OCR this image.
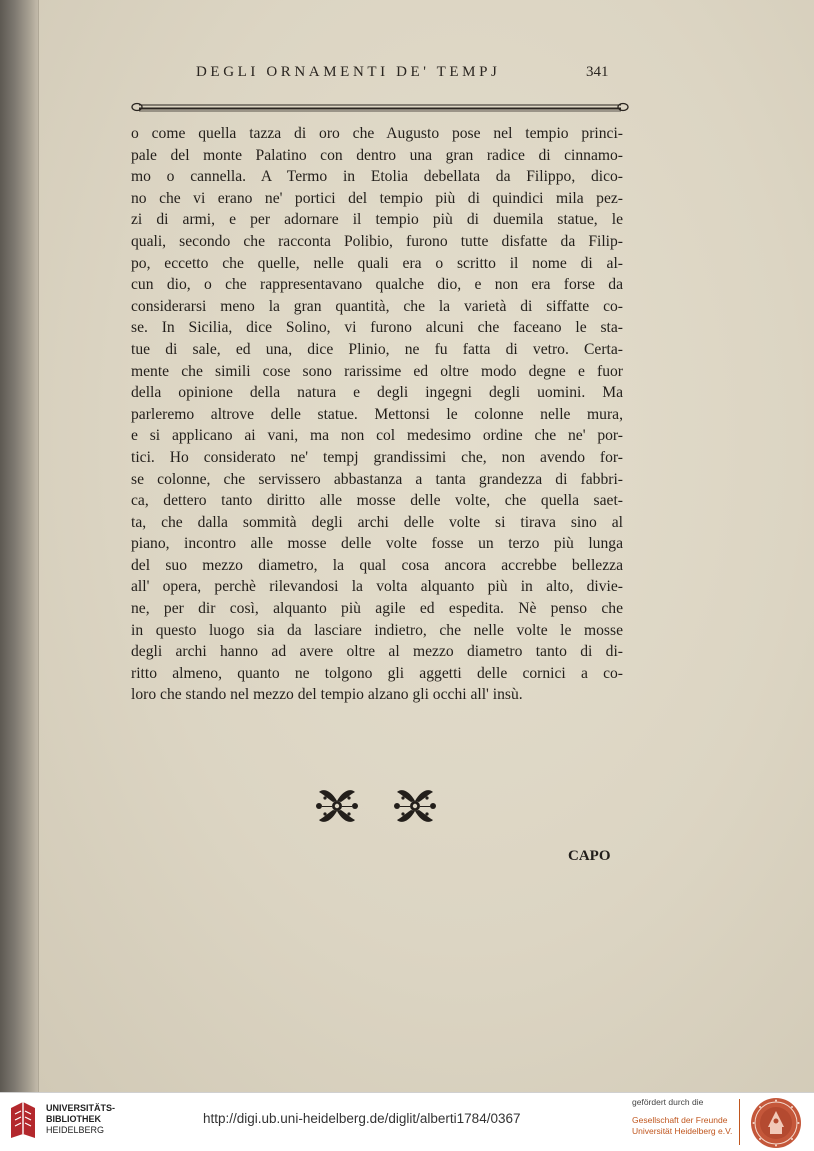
DEGLI ORNAMENTI DE' TEMPJ	341
o come quella tazza di oro che Augusto pose nel tempio princi-
pale del monte Palatino con dentro una gran radice di cinnamo-
mo o cannella. A Termo in Etolia debellata da Filippo, dico-
no che vi erano ne' portici del tempio più di quindici mila pez-
zi di armi, e per adornare il tempio più di duemila statue, le
quali, secondo che racconta Polibio, furono tutte disfatte da Filip-
po, eccetto che quelle, nelle quali era o scritto il nome di al-
cun dio, o che rappresentavano qualche dio, e non era forse da
considerarsi meno la gran quantità, che la varietà di siffatte co-
se. In Sicilia, dice Solino, vi furono alcuni che faceano le sta-
tue di sale, ed una, dice Plinio, ne fu fatta di vetro. Certa-
mente che simili cose sono rarissime ed oltre modo degne e fuor
della opinione della natura e degli ingegni degli uomini. Ma
parleremo altrove delle statue. Mettonsi le colonne nelle mura,
e si applicano ai vani, ma non col medesimo ordine che ne' por-
tici. Ho considerato ne' tempj grandissimi che, non avendo for-
se colonne, che servissero abbastanza a tanta grandezza di fabbri-
ca, dettero tanto diritto alle mosse delle volte, che quella saet-
ta, che dalla sommità degli archi delle volte si tirava sino al
piano, incontro alle mosse delle volte fosse un terzo più lunga
del suo mezzo diametro, la qual cosa ancora accrebbe bellezza
all' opera, perchè rilevandosi la volta alquanto più in alto, divie-
ne, per dir così, alquanto più agile ed espedita. Nè penso che
in questo luogo sia da lasciare indietro, che nelle volte le mosse
degli archi hanno ad avere oltre al mezzo diametro tanto di di-
ritto almeno, quanto ne tolgono gli aggetti delle cornici a co-
loro che stando nel mezzo del tempio alzano gli occhi all' insù.
CAPO
UNIVERSITÄTS-
BIBLIOTHEK
HEIDELBERG
http://digi.ub.uni-heidelberg.de/diglit/alberti1784/0367
gefördert durch die
Gesellschaft der Freunde
Universität Heidelberg e.V.
